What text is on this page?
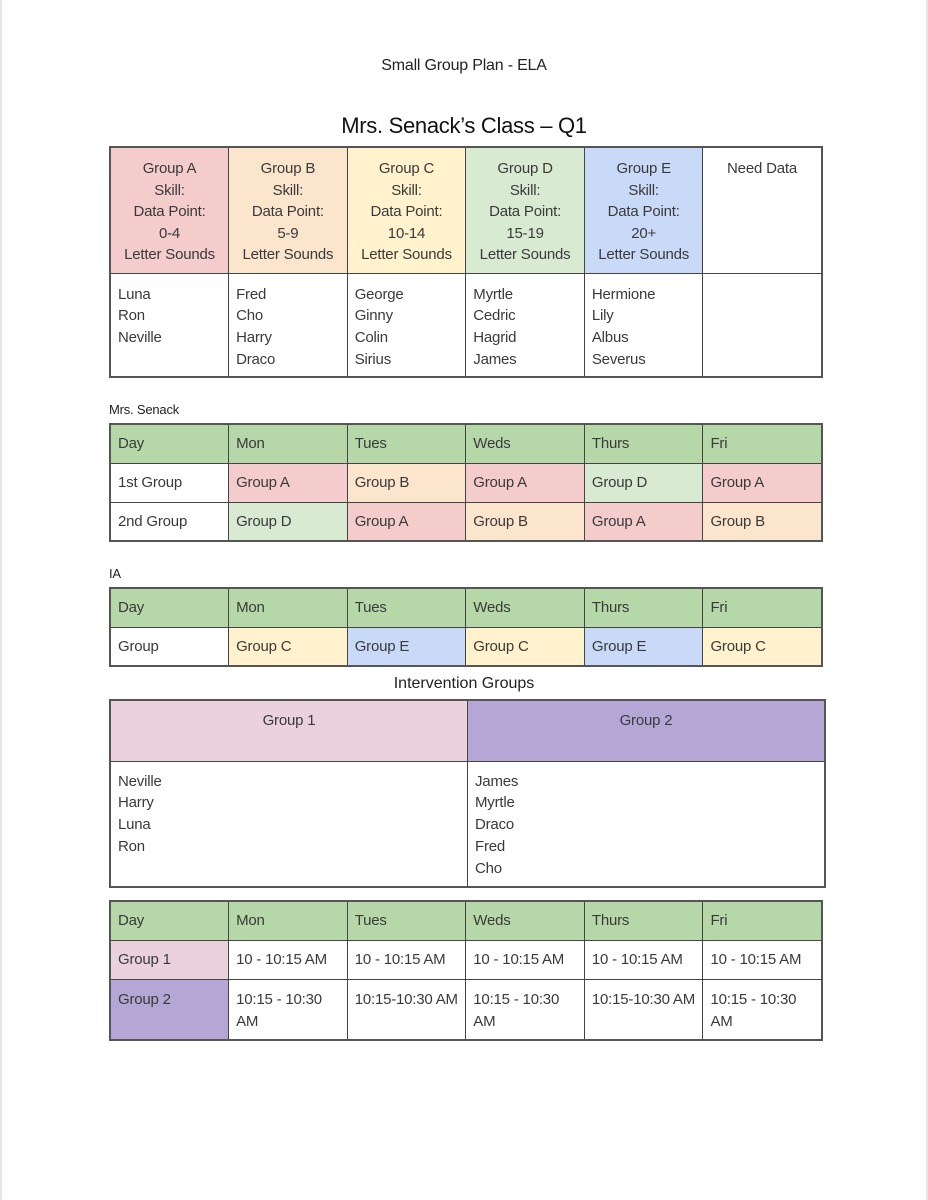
Small Group Plan - ELA
Mrs. Senack’s Class – Q1
Group A
Skill:
Data Point:
0-4
Letter Sounds	Group B
Skill:
Data Point:
5-9
Letter Sounds	Group C
Skill:
Data Point:
10-14
Letter Sounds	Group D
Skill:
Data Point:
15-19
Letter Sounds	Group E
Skill:
Data Point:
20+
Letter Sounds	Need Data

Luna
Ron
Neville	Fred
Cho
Harry
Draco	George
Ginny
Colin
Sirius	Myrtle
Cedric
Hagrid
James	Hermione
Lily
Albus
Severus	

Mrs. Senack
Day	Mon	Tues	Weds	Thurs	Fri
1st Group	Group A	Group B	Group A	Group D	Group A
2nd Group	Group D	Group A	Group B	Group A	Group B
IA
Day	Mon	Tues	Weds	Thurs	Fri
Group	Group C	Group E	Group C	Group E	Group C
Intervention Groups
Group 1	Group 2

Neville
Harry
Luna
Ron	James
Myrtle
Draco
Fred
Cho
Day	Mon	Tues	Weds	Thurs	Fri
Group 1	10 - 10:15 AM	10 - 10:15 AM	10 - 10:15 AM	10 - 10:15 AM	10 - 10:15 AM
Group 2	10:15 - 10:30 AM	10:15-10:30 AM	10:15 - 10:30 AM	10:15-10:30 AM	10:15 - 10:30 AM
